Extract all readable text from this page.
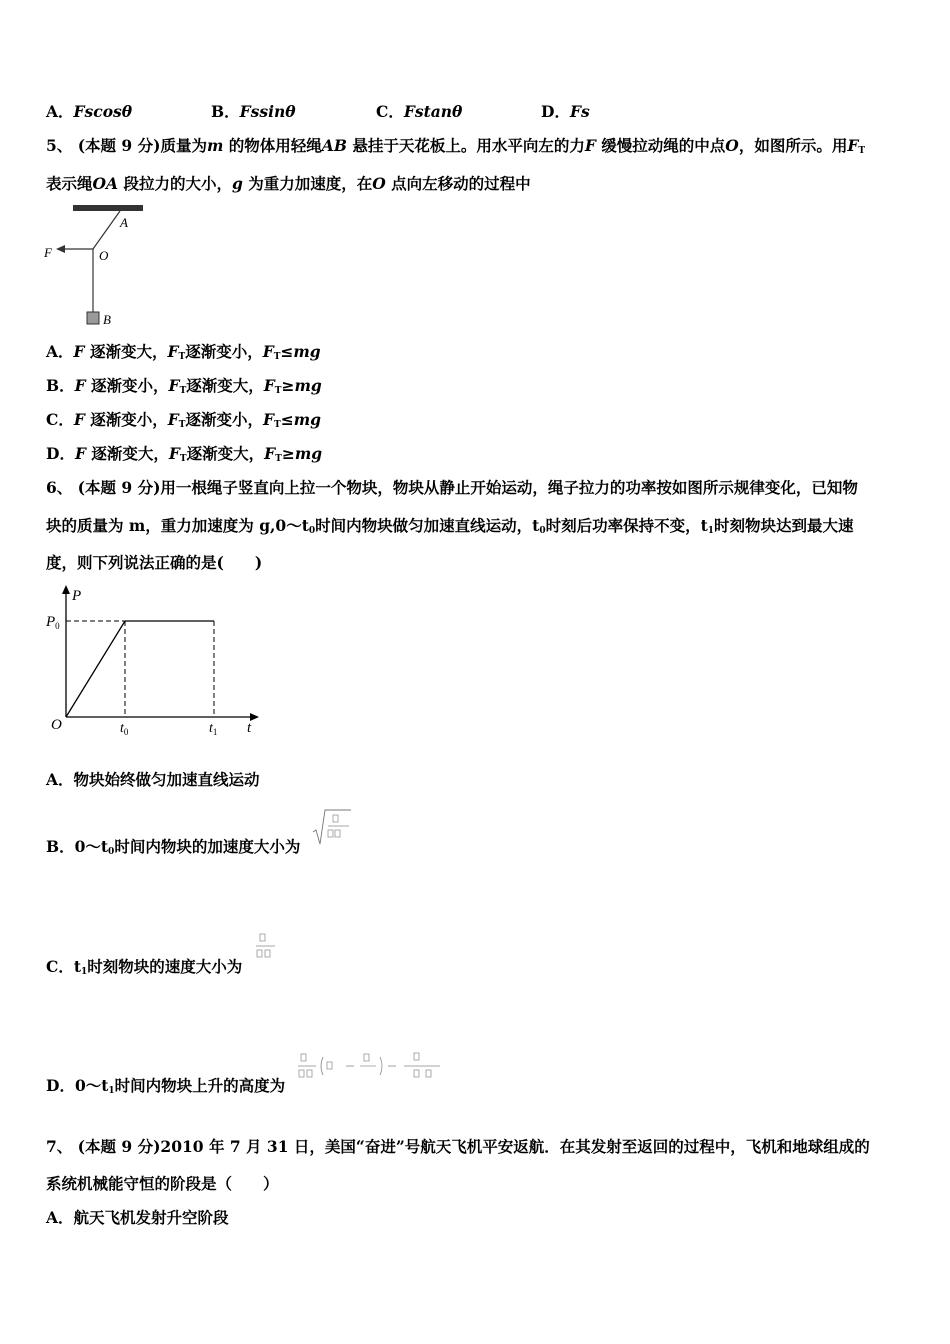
A．Fscosθ	B．Fssinθ	C．Fstanθ	D．Fs
5、 (本题 9 分)质量为m 的物体用轻绳AB 悬挂于天花板上。用水平向左的力F 缓慢拉动绳的中点O，如图所示。用$F_T$
表示绳OA 段拉力的大小，g 为重力加速度，在O 点向左移动的过程中
A
O
F
B
A．F 逐渐变大，$F_T$逐渐变小，$F_T\le mg$
B．F 逐渐变小，$F_T$逐渐变大，$F_T\ge mg$
C．F 逐渐变小，$F_T$逐渐变小，$F_T\le mg$
D．F 逐渐变大，$F_T$逐渐变大，$F_T\ge mg$
6、 (本题 9 分)用一根绳子竖直向上拉一个物块，物块从静止开始运动，绳子拉力的功率按如图所示规律变化，已知物
块的质量为 m，重力加速度为 $g,0\sim t_0$时间内物块做匀加速直线运动，$t_0$时刻后功率保持不变，$t_1$时刻物块达到最大速
度，则下列说法正确的是(　　)
P
$P_0$
O	$t_0$	$t_1$ t
A．物块始终做匀加速直线运动
B．$0\sim t_0$时间内物块的加速度大小为
C．$t_1$时刻物块的速度大小为
D．$0\sim t_1$时间内物块上升的高度为
7、 (本题 9 分)2010 年 7 月 31 日，美国“奋进”号航天飞机平安返航．在其发射至返回的过程中，飞机和地球组成的
系统机械能守恒的阶段是（　　）
A．航天飞机发射升空阶段
